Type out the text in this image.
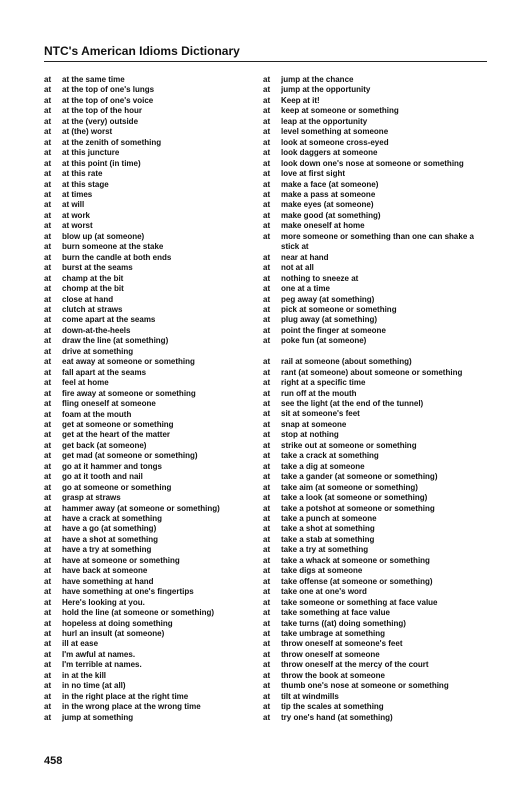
NTC's American Idioms Dictionary
at	at the same time
at	at the top of one's lungs
at	at the top of one's voice
at	at the top of the hour
at	at the (very) outside
at	at (the) worst
at	at the zenith of something
at	at this juncture
at	at this point (in time)
at	at this rate
at	at this stage
at	at times
at	at will
at	at work
at	at worst
at	blow up (at someone)
at	burn someone at the stake
at	burn the candle at both ends
at	burst at the seams
at	champ at the bit
at	chomp at the bit
at	close at hand
at	clutch at straws
at	come apart at the seams
at	down-at-the-heels
at	draw the line (at something)
at	drive at something
at	eat away at someone or something
at	fall apart at the seams
at	feel at home
at	fire away at someone or something
at	fling oneself at someone
at	foam at the mouth
at	get at someone or something
at	get at the heart of the matter
at	get back (at someone)
at	get mad (at someone or something)
at	go at it hammer and tongs
at	go at it tooth and nail
at	go at someone or something
at	grasp at straws
at	hammer away (at someone or something)
at	have a crack at something
at	have a go (at something)
at	have a shot at something
at	have a try at something
at	have at someone or something
at	have back at someone
at	have something at hand
at	have something at one's fingertips
at	Here's looking at you.
at	hold the line (at someone or something)
at	hopeless at doing something
at	hurl an insult (at someone)
at	ill at ease
at	I'm awful at names.
at	I'm terrible at names.
at	in at the kill
at	in no time (at all)
at	in the right place at the right time
at	in the wrong place at the wrong time
at	jump at something
at	jump at the chance
at	jump at the opportunity
at	Keep at it!
at	keep at someone or something
at	leap at the opportunity
at	level something at someone
at	look at someone cross-eyed
at	look daggers at someone
at	look down one's nose at someone or something
at	love at first sight
at	make a face (at someone)
at	make a pass at someone
at	make eyes (at someone)
at	make good (at something)
at	make oneself at home
at	more someone or something than one can shake a stick at
at	near at hand
at	not at all
at	nothing to sneeze at
at	one at a time
at	peg away (at something)
at	pick at someone or something
at	plug away (at something)
at	point the finger at someone
at	poke fun (at someone)
at	rail at someone (about something)
at	rant (at someone) about someone or something
at	right at a specific time
at	run off at the mouth
at	see the light (at the end of the tunnel)
at	sit at someone's feet
at	snap at someone
at	stop at nothing
at	strike out at someone or something
at	take a crack at something
at	take a dig at someone
at	take a gander (at someone or something)
at	take aim (at someone or something)
at	take a look (at someone or something)
at	take a potshot at someone or something
at	take a punch at someone
at	take a shot at something
at	take a stab at something
at	take a try at something
at	take a whack at someone or something
at	take digs at someone
at	take offense (at someone or something)
at	take one at one's word
at	take someone or something at face value
at	take something at face value
at	take turns ((at) doing something)
at	take umbrage at something
at	throw oneself at someone's feet
at	throw oneself at someone
at	throw oneself at the mercy of the court
at	throw the book at someone
at	thumb one's nose at someone or something
at	tilt at windmills
at	tip the scales at something
at	try one's hand (at something)
458
